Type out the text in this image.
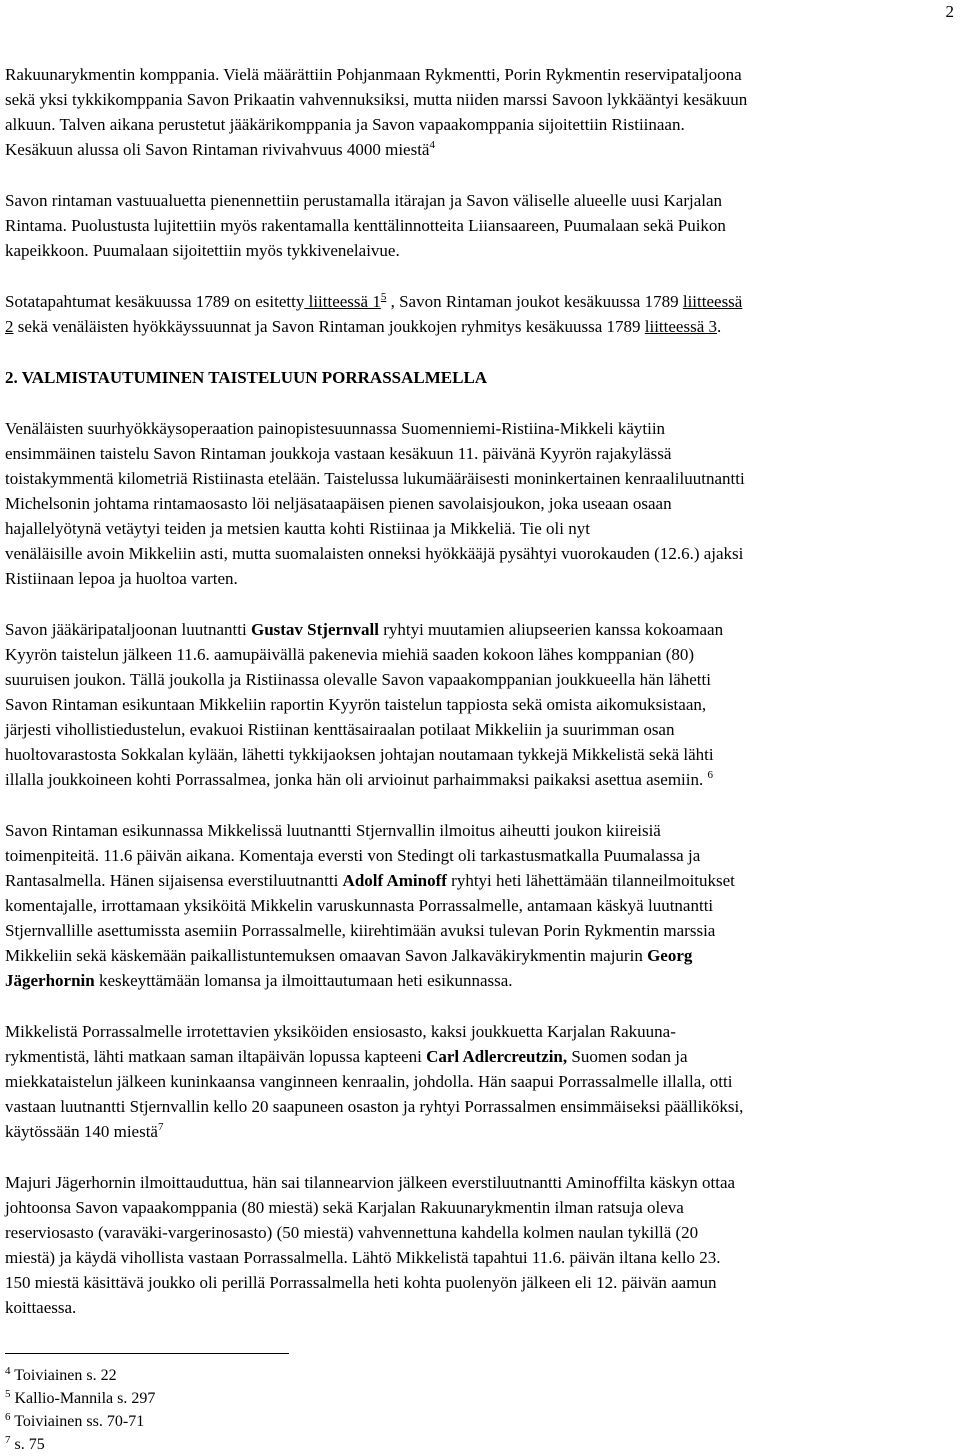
2

Rakuunarykmentin komppania. Vielä määrättiin Pohjanmaan Rykmentti, Porin Rykmentin reservipataljoona

sekä yksi tykkikomppania Savon Prikaatin vahvennuksiksi, mutta niiden marssi Savoon lykkääntyi kesäkuun

alkuun. Talven aikana perustetut jääkärikomppania ja Savon vapaakomppania sijoitettiin Ristiinaan.

Kesäkuun alussa oli Savon Rintaman rivivahvuus 4000 miestä$^4$

Savon rintaman vastuualuetta pienennettiin perustamalla itärajan ja Savon väliselle alueelle uusi Karjalan

Rintama. Puolustusta lujitettiin myös rakentamalla kenttälinnotteita Liiansaareen, Puumalaan sekä Puikon

kapeikkoon. Puumalaan sijoitettiin myös tykkivenelaivue.

Sotatapahtumat kesäkuussa 1789 on esitetty liitteessä $1^5$ , Savon Rintaman joukot kesäkuussa 1789 liitteessä

2 sekä venäläisten hyökkäyssuunnat ja Savon Rintaman joukkojen ryhmitys kesäkuussa 1789 liitteessä 3.

2. VALMISTAUTUMINEN TAISTELUUN PORRASSALMELLA

Venäläisten suurhyökkäysoperaation painopistesuunnassa Suomenniemi-Ristiina-Mikkeli käytiin

ensimmäinen taistelu Savon Rintaman joukkoja vastaan kesäkuun 11. päivänä Kyyrön rajakylässä

toistakymmentä kilometriä Ristiinasta etelään. Taistelussa lukumääräisesti moninkertainen kenraaliluutnantti

Michelsonin johtama rintamaosasto löi neljäsataapäisen pienen savolaisjoukon, joka useaan osaan

hajallelyötynä vetäytyi teiden ja metsien kautta kohti Ristiinaa ja Mikkeliä. Tie oli nyt

venäläisille avoin Mikkeliin asti, mutta suomalaisten onneksi hyökkääjä pysähtyi vuorokauden (12.6.) ajaksi

Ristiinaan lepoa ja huoltoa varten.

Savon jääkäripataljoonan luutnantti Gustav Stjernvall ryhtyi muutamien aliupseerien kanssa kokoamaan

Kyyrön taistelun jälkeen 11.6. aamupäivällä pakenevia miehiä saaden kokoon lähes komppanian (80)

suuruisen joukon. Tällä joukolla ja Ristiinassa olevalle Savon vapaakomppanian joukkueella hän lähetti

Savon Rintaman esikuntaan Mikkeliin raportin Kyyrön taistelun tappiosta sekä omista aikomuksistaan,

järjesti vihollistiedustelun, evakuoi Ristiinan kenttäsairaalan potilaat Mikkeliin ja suurimman osan

huoltovarastosta Sokkalan kylään, lähetti tykkijaoksen johtajan noutamaan tykkejä Mikkelistä sekä lähti

illalla joukkoineen kohti Porrassalmea, jonka hän oli arvioinut parhaimmaksi paikaksi asettua asemiin. $^6$

Savon Rintaman esikunnassa Mikkelissä luutnantti Stjernvallin ilmoitus aiheutti joukon kiireisiä

toimenpiteitä. 11.6 päivän aikana. Komentaja eversti von Stedingt oli tarkastusmatkalla Puumalassa ja

Rantasalmella. Hänen sijaisensa everstiluutnantti Adolf Aminoff ryhtyi heti lähettämään tilanneilmoitukset

komentajalle, irrottamaan yksiköitä Mikkelin varuskunnasta Porrassalmelle, antamaan käskyä luutnantti

Stjernvallille asettumissta asemiin Porrassalmelle, kiirehtimään avuksi tulevan Porin Rykmentin marssia

Mikkeliin sekä käskemään paikallistuntemuksen omaavan Savon Jalkaväkirykmentin majurin Georg

Jägerhornin keskeyttämään lomansa ja ilmoittautumaan heti esikunnassa.

Mikkelistä Porrassalmelle irrotettavien yksiköiden ensiosasto, kaksi joukkuetta Karjalan Rakuuna-

rykmentistä, lähti matkaan saman iltapäivän lopussa kapteeni Carl Adlercreutzin, Suomen sodan ja

miekkataistelun jälkeen kuninkaansa vanginneen kenraalin, johdolla. Hän saapui Porrassalmelle illalla, otti

vastaan luutnantti Stjernvallin kello 20 saapuneen osaston ja ryhtyi Porrassalmen ensimmäiseksi päälliköksi,

käytössään 140 miestä$^7$

Majuri Jägerhornin ilmoittauduttua, hän sai tilannearvion jälkeen everstiluutnantti Aminoffilta käskyn ottaa

johtoonsa Savon vapaakomppania (80 miestä) sekä Karjalan Rakuunarykmentin ilman ratsuja oleva

reserviosasto (varaväki-vargerinosasto) (50 miestä) vahvennettuna kahdella kolmen naulan tykillä (20

miestä) ja käydä vihollista vastaan Porrassalmella. Lähtö Mikkelistä tapahtui 11.6. päivän iltana kello 23.

150 miestä käsittävä joukko oli perillä Porrassalmella heti kohta puolenyön jälkeen eli 12. päivän aamun

koittaessa.

$^4$ Toiviainen s. 22
$^5$ Kallio-Mannila s. 297
$^6$ Toiviainen ss. 70-71
$^7$ s. 75
